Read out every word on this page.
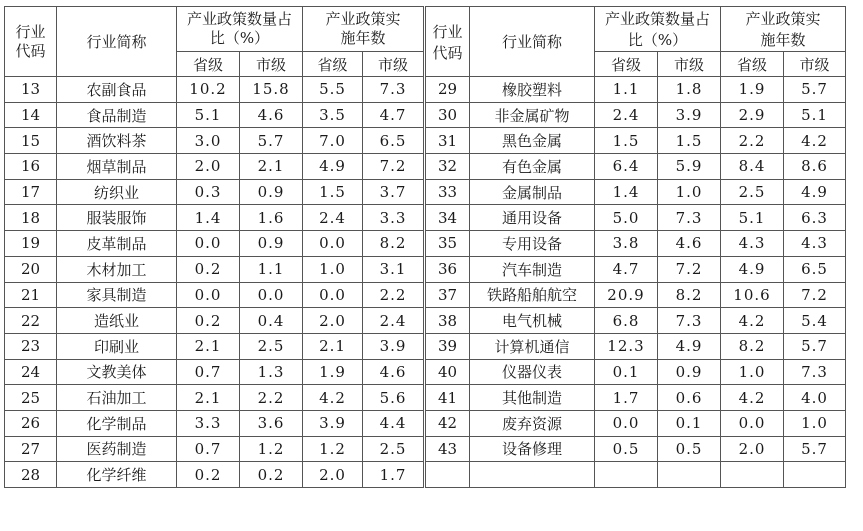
行业代码	行业简称	产业政策数量占比（%）		产业政策实施年数		行业代码	行业简称	产业政策数量占比（%）		产业政策实施年数	
		省级	市级	省级	市级			省级	市级	省级	市级
13	农副食品	10.2	15.8	5.5	7.3	29	橡胶塑料	1.1	1.8	1.9	5.7
14	食品制造	5.1	4.6	3.5	4.7	30	非金属矿物	2.4	3.9	2.9	5.1
15	酒饮料茶	3.0	5.7	7.0	6.5	31	黑色金属	1.5	1.5	2.2	4.2
16	烟草制品	2.0	2.1	4.9	7.2	32	有色金属	6.4	5.9	8.4	8.6
17	纺织业	0.3	0.9	1.5	3.7	33	金属制品	1.4	1.0	2.5	4.9
18	服装服饰	1.4	1.6	2.4	3.3	34	通用设备	5.0	7.3	5.1	6.3
19	皮革制品	0.0	0.9	0.0	8.2	35	专用设备	3.8	4.6	4.3	4.3
20	木材加工	0.2	1.1	1.0	3.1	36	汽车制造	4.7	7.2	4.9	6.5
21	家具制造	0.0	0.0	0.0	2.2	37	铁路船舶航空	20.9	8.2	10.6	7.2
22	造纸业	0.2	0.4	2.0	2.4	38	电气机械	6.8	7.3	4.2	5.4
23	印刷业	2.1	2.5	2.1	3.9	39	计算机通信	12.3	4.9	8.2	5.7
24	文教美体	0.7	1.3	1.9	4.6	40	仪器仪表	0.1	0.9	1.0	7.3
25	石油加工	2.1	2.2	4.2	5.6	41	其他制造	1.7	0.6	4.2	4.0
26	化学制品	3.3	3.6	3.9	4.4	42	废弃资源	0.0	0.1	0.0	1.0
27	医药制造	0.7	1.2	1.2	2.5	43	设备修理	0.5	0.5	2.0	5.7
28	化学纤维	0.2	0.2	2.0	1.7						
